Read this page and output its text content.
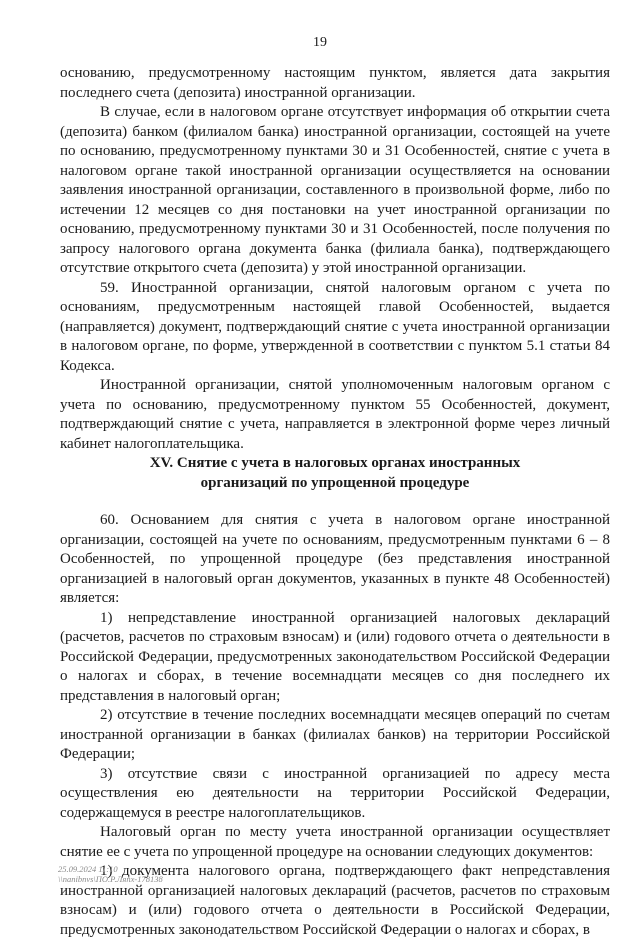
19

основанию, предусмотренному настоящим пунктом, является дата закрытия последнего счета (депозита) иностранной организации.

В случае, если в налоговом органе отсутствует информация об открытии счета (депозита) банком (филиалом банка) иностранной организации, состоящей на учете по основанию, предусмотренному пунктами 30 и 31 Особенностей, снятие с учета в налоговом органе такой иностранной организации осуществляется на основании заявления иностранной организации, составленного в произвольной форме, либо по истечении 12 месяцев со дня постановки на учет иностранной организации по основанию, предусмотренному пунктами 30 и 31 Особенностей, после получения по запросу налогового органа документа банка (филиала банка), подтверждающего отсутствие открытого счета (депозита) у этой иностранной организации.

59. Иностранной организации, снятой налоговым органом с учета по основаниям, предусмотренным настоящей главой Особенностей, выдается (направляется) документ, подтверждающий снятие с учета иностранной организации в налоговом органе, по форме, утвержденной в соответствии с пунктом 5.1 статьи 84 Кодекса.

Иностранной организации, снятой уполномоченным налоговым органом с учета по основанию, предусмотренному пунктом 55 Особенностей, документ, подтверждающий снятие с учета, направляется в электронной форме через личный кабинет налогоплательщика.

XV. Снятие с учета в налоговых органах иностранных

организаций по упрощенной процедуре

60. Основанием для снятия с учета в налоговом органе иностранной организации, состоящей на учете по основаниям, предусмотренным пунктами 6 – 8 Особенностей, по упрощенной процедуре (без представления иностранной организацией в налоговый орган документов, указанных в пункте 48 Особенностей) является:

1) непредставление иностранной организацией налоговых деклараций (расчетов, расчетов по страховым взносам) и (или) годового отчета о деятельности в Российской Федерации, предусмотренных законодательством Российской Федерации о налогах и сборах, в течение восемнадцати месяцев со дня последнего их представления в налоговый орган;

2) отсутствие в течение последних восемнадцати месяцев операций по счетам иностранной организации в банках (филиалах банков) на территории Российской Федерации;

3) отсутствие связи с иностранной организацией по адресу места осуществления ею деятельности на территории Российской Федерации, содержащемуся в реестре налогоплательщиков.

Налоговый орган по месту учета иностранной организации осуществляет снятие ее с учета по упрощенной процедуре на основании следующих документов:

1) документа налогового органа, подтверждающего факт непредставления иностранной организацией налоговых деклараций (расчетов, расчетов по страховым взносам) и (или) годового отчета о деятельности в Российской Федерации, предусмотренных законодательством Российской Федерации о налогах и сборах, в

25.09.2024 11:10
\\nanibnvs\ПО.Р.Ляпх-178138
